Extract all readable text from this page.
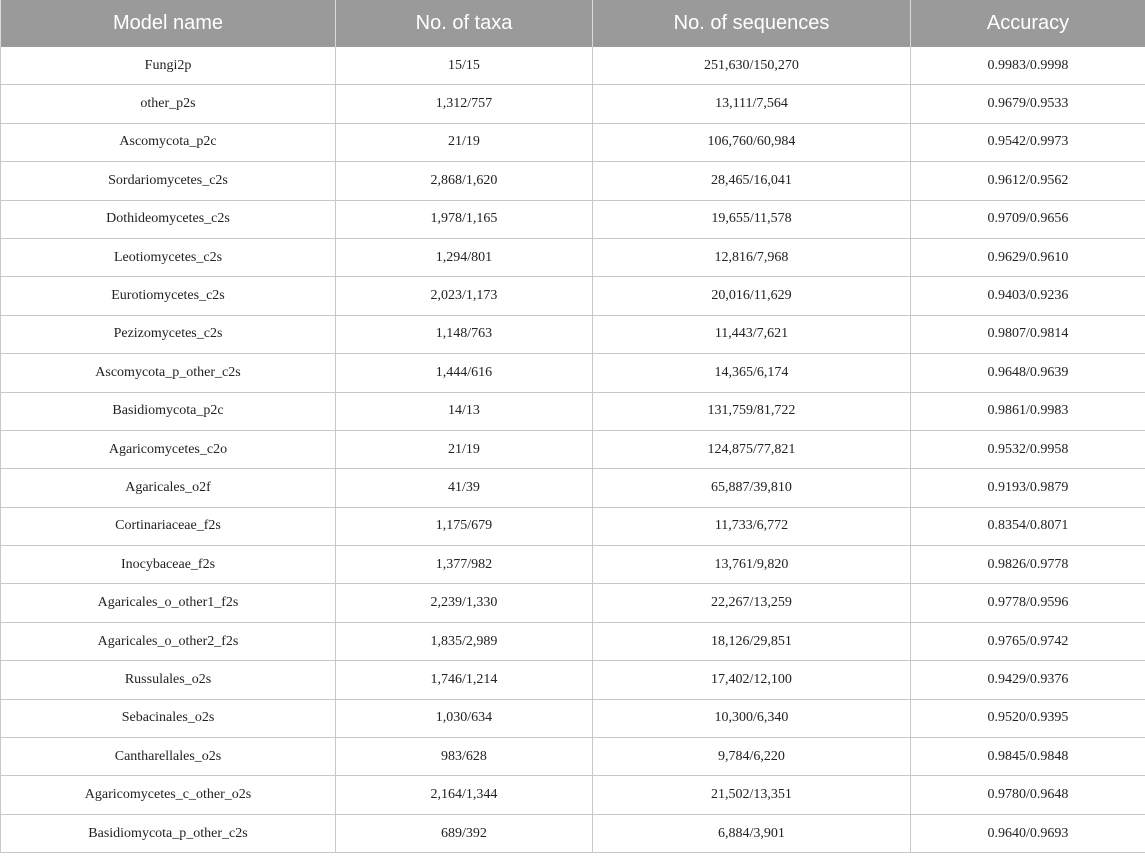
Model name	No. of taxa	No. of sequences	Accuracy
Fungi2p	15/15	251,630/150,270	0.9983/0.9998
other_p2s	1,312/757	13,111/7,564	0.9679/0.9533
Ascomycota_p2c	21/19	106,760/60,984	0.9542/0.9973
Sordariomycetes_c2s	2,868/1,620	28,465/16,041	0.9612/0.9562
Dothideomycetes_c2s	1,978/1,165	19,655/11,578	0.9709/0.9656
Leotiomycetes_c2s	1,294/801	12,816/7,968	0.9629/0.9610
Eurotiomycetes_c2s	2,023/1,173	20,016/11,629	0.9403/0.9236
Pezizomycetes_c2s	1,148/763	11,443/7,621	0.9807/0.9814
Ascomycota_p_other_c2s	1,444/616	14,365/6,174	0.9648/0.9639
Basidiomycota_p2c	14/13	131,759/81,722	0.9861/0.9983
Agaricomycetes_c2o	21/19	124,875/77,821	0.9532/0.9958
Agaricales_o2f	41/39	65,887/39,810	0.9193/0.9879
Cortinariaceae_f2s	1,175/679	11,733/6,772	0.8354/0.8071
Inocybaceae_f2s	1,377/982	13,761/9,820	0.9826/0.9778
Agaricales_o_other1_f2s	2,239/1,330	22,267/13,259	0.9778/0.9596
Agaricales_o_other2_f2s	1,835/2,989	18,126/29,851	0.9765/0.9742
Russulales_o2s	1,746/1,214	17,402/12,100	0.9429/0.9376
Sebacinales_o2s	1,030/634	10,300/6,340	0.9520/0.9395
Cantharellales_o2s	983/628	9,784/6,220	0.9845/0.9848
Agaricomycetes_c_other_o2s	2,164/1,344	21,502/13,351	0.9780/0.9648
Basidiomycota_p_other_c2s	689/392	6,884/3,901	0.9640/0.9693
